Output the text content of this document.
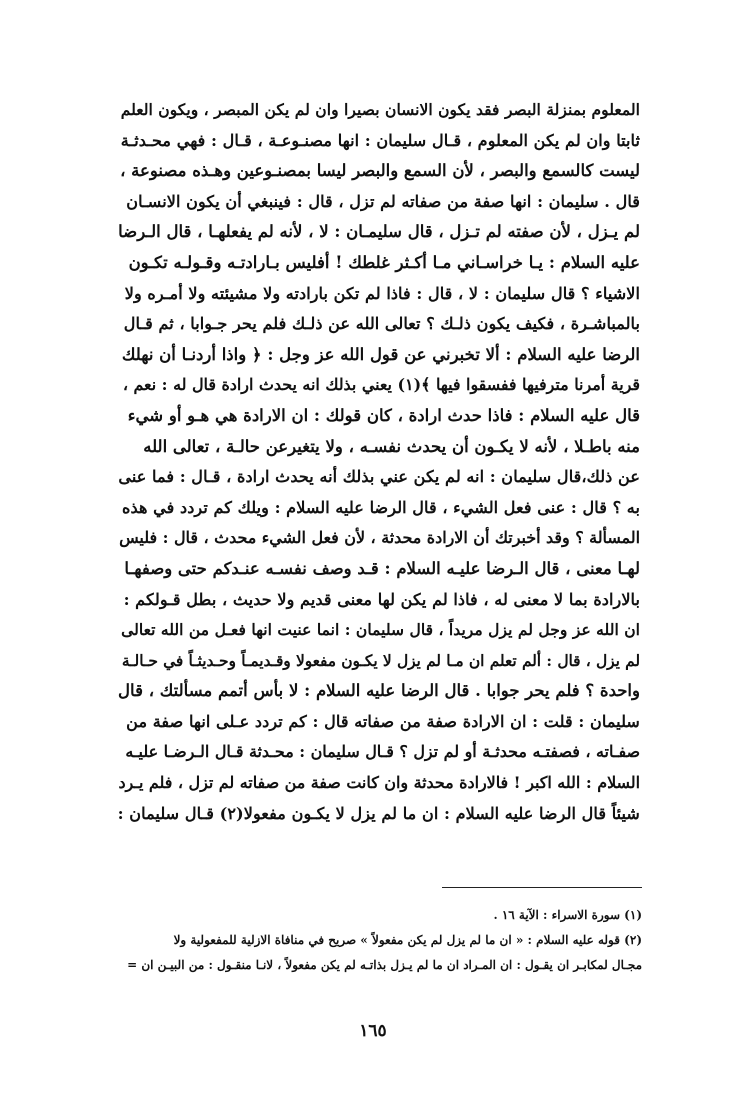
المعلوم بمنزلة البصر فقد يكون الانسان بصيرا وان لم يكن المبصر ، ويكون العلم
ثابتا وان لم يكن المعلوم ، قـال سليمان : انها مصنـوعـة ، قـال : فهي محـدثـة
ليست كالسمع والبصر ، لأن السمع والبصر ليسا بمصنـوعين وهـذه مصنوعة ،
قال . سليمان : انها صفة من صفاته لم تزل ، قال : فينبغي أن يكون الانسـان
لم يـزل ، لأن صفته لم تـزل ، قال سليمـان : لا ، لأنه لم يفعلهـا ، قال الـرضا
عليه السلام : يـا خراسـاني مـا أكـثر غلطك ! أفليس بـارادتـه وقـولـه تكـون
الاشياء ؟ قال سليمان : لا ، قال : فاذا لم تكن بارادته ولا مشيئته ولا أمـره ولا
بالمباشـرة ، فكيف يكون ذلـك ؟ تعالى الله عن ذلـك فلم يحر جـوابا ، ثم قـال
الرضا عليه السلام : ألا تخبرني عن قول الله عز وجل : ﴿ واذا أردنـا أن نهلك
قرية أمرنا مترفيها ففسقوا فيها ﴾(١) يعني بذلك انه يحدث ارادة قال له : نعم ،
قال عليه السلام : فاذا حدث ارادة ، كان قولك : ان الارادة هي هـو أو شيء
منه باطـلا ، لأنه لا يكـون أن يحدث نفسـه ، ولا يتغيرعن حالـة ، تعالى الله
عن ذلك،قال سليمان : انه لم يكن عني بذلك أنه يحدث ارادة ، قـال : فما عنى
به ؟ قال : عنى فعل الشيء ، قال الرضا عليه السلام : ويلك كم تردد في هذه
المسألة ؟ وقد أخبرتك أن الارادة محدثة ، لأن فعل الشيء محدث ، قال : فليس
لهـا معنى ، قال الـرضا عليـه السلام : قـد وصف نفسـه عنـدكم حتى وصفهـا
بالارادة بما لا معنى له ، فاذا لم يكن لها معنى قديم ولا حديث ، بطل قـولكم :
ان الله عز وجل لم يزل مريداً ، قال سليمان : انما عنيت انها فعـل من الله تعالى
لم يزل ، قال : ألم تعلم ان مـا لم يزل لا يكـون مفعولا وقـديمـاً وحـديثـاً في حـالـة
واحدة ؟ فلم يحر جوابا . قال الرضا عليه السلام : لا بأس أتمم مسألتك ، قال
سليمان : قلت : ان الارادة صفة من صفاته قال : كم تردد عـلى انها صفة من
صفـاته ، فصفتـه محدثـة أو لم تزل ؟ قـال سليمان : محـدثة قـال الـرضـا عليـه
السلام : الله اكبر ! فالارادة محدثة وان كانت صفة من صفاته لم تزل ، فلم يـرد
شيئاً قال الرضا عليه السلام : ان ما لم يزل لا يكـون مفعولا(٢) قـال سليمان :
(١) سورة الاسراء : الآية ١٦ .
(٢) قوله عليه السلام : « ان ما لم يزل لم يكن مفعولاً » صريح في منافاة الازلية للمفعولية ولا
مجـال لمكابـر ان يقـول : ان المـراد ان ما لم يـزل بذاتـه لم يكن مفعولاً ، لانـا منقـول : من البيـن ان =
١٦٥
